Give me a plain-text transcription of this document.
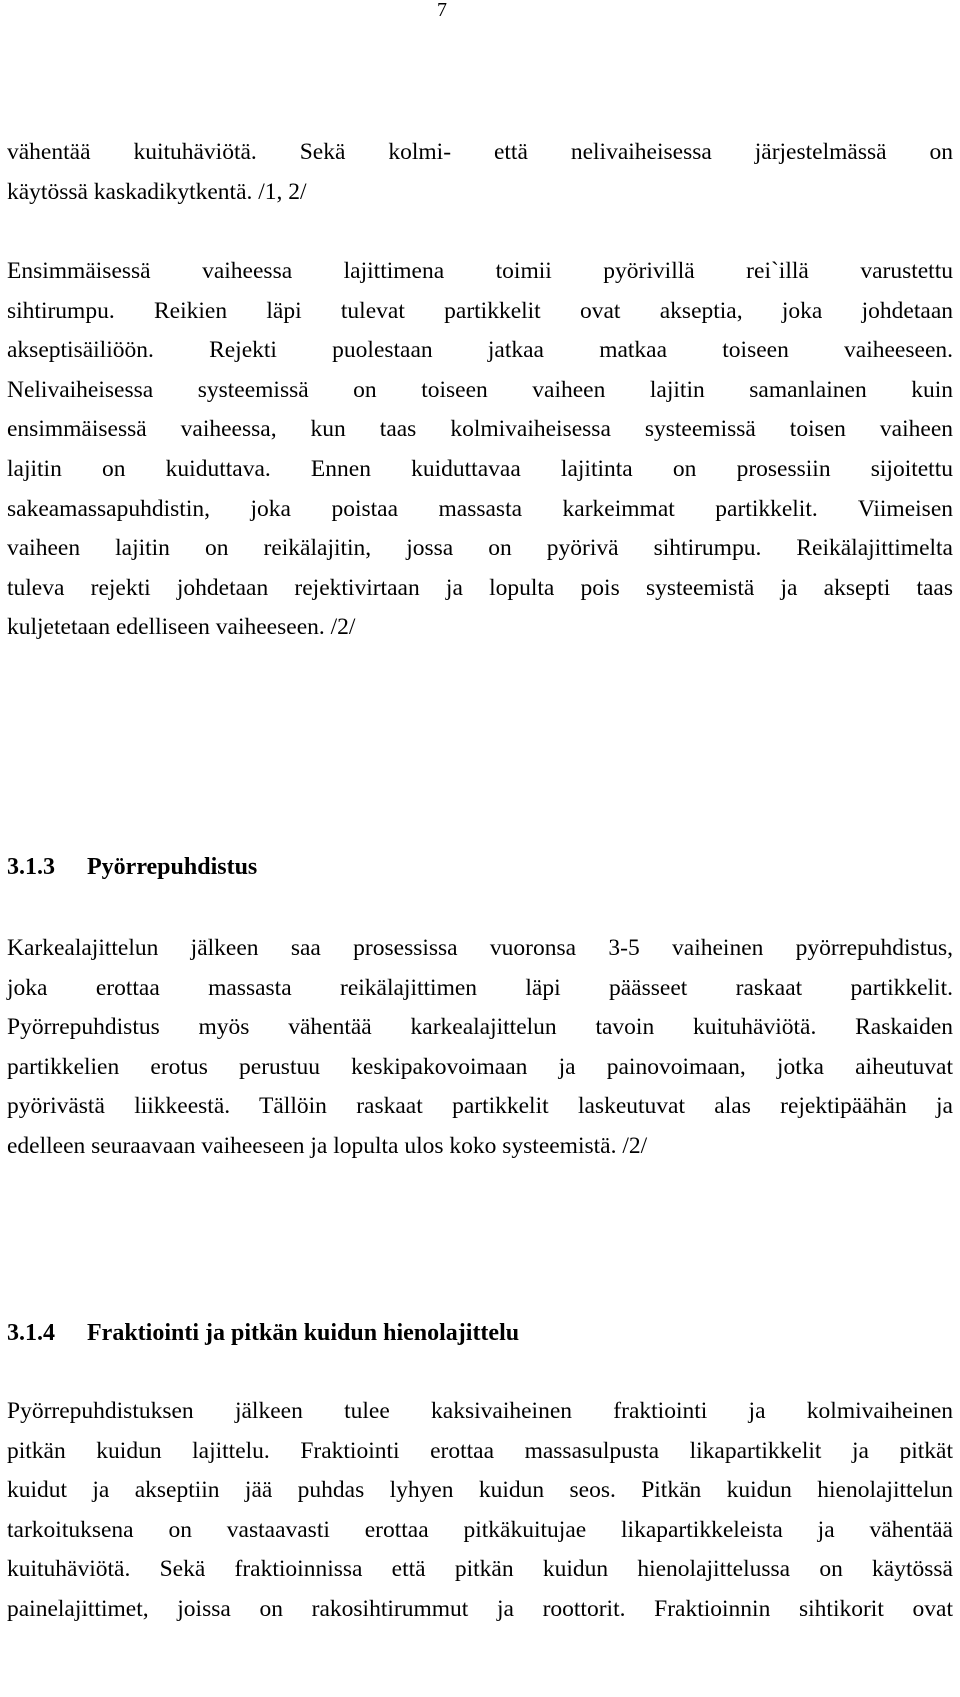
7
vähentää kuituhäviötä. Sekä kolmi- että nelivaiheisessa järjestelmässä on
käytössä kaskadikytkentä. /1, 2/
Ensimmäisessä vaiheessa lajittimena toimii pyörivillä rei`illä varustettu
sihtirumpu. Reikien läpi tulevat partikkelit ovat akseptia, joka johdetaan
akseptisäiliöön. Rejekti puolestaan jatkaa matkaa toiseen vaiheeseen.
Nelivaiheisessa systeemissä on toiseen vaiheen lajitin samanlainen kuin
ensimmäisessä vaiheessa, kun taas kolmivaiheisessa systeemissä toisen vaiheen
lajitin on kuiduttava. Ennen kuiduttavaa lajitinta on prosessiin sijoitettu
sakeamassapuhdistin, joka poistaa massasta karkeimmat partikkelit. Viimeisen
vaiheen lajitin on reikälajitin, jossa on pyörivä sihtirumpu. Reikälajittimelta
tuleva rejekti johdetaan rejektivirtaan ja lopulta pois systeemistä ja aksepti taas
kuljetetaan edelliseen vaiheeseen. /2/
3.1.3 Pyörrepuhdistus
Karkealajittelun jälkeen saa prosessissa vuoronsa 3-5 vaiheinen pyörrepuhdistus,
joka erottaa massasta reikälajittimen läpi päässeet raskaat partikkelit.
Pyörrepuhdistus myös vähentää karkealajittelun tavoin kuituhäviötä. Raskaiden
partikkelien erotus perustuu keskipakovoimaan ja painovoimaan, jotka aiheutuvat
pyörivästä liikkeestä. Tällöin raskaat partikkelit laskeutuvat alas rejektipäähän ja
edelleen seuraavaan vaiheeseen ja lopulta ulos koko systeemistä. /2/
3.1.4 Fraktiointi ja pitkän kuidun hienolajittelu
Pyörrepuhdistuksen jälkeen tulee kaksivaiheinen fraktiointi ja kolmivaiheinen
pitkän kuidun lajittelu. Fraktiointi erottaa massasulpusta likapartikkelit ja pitkät
kuidut ja akseptiin jää puhdas lyhyen kuidun seos. Pitkän kuidun hienolajittelun
tarkoituksena on vastaavasti erottaa pitkäkuitujae likapartikkeleista ja vähentää
kuituhäviötä. Sekä fraktioinnissa että pitkän kuidun hienolajittelussa on käytössä
painelajittimet, joissa on rakosihtirummut ja roottorit. Fraktioinnin sihtikorit ovat
